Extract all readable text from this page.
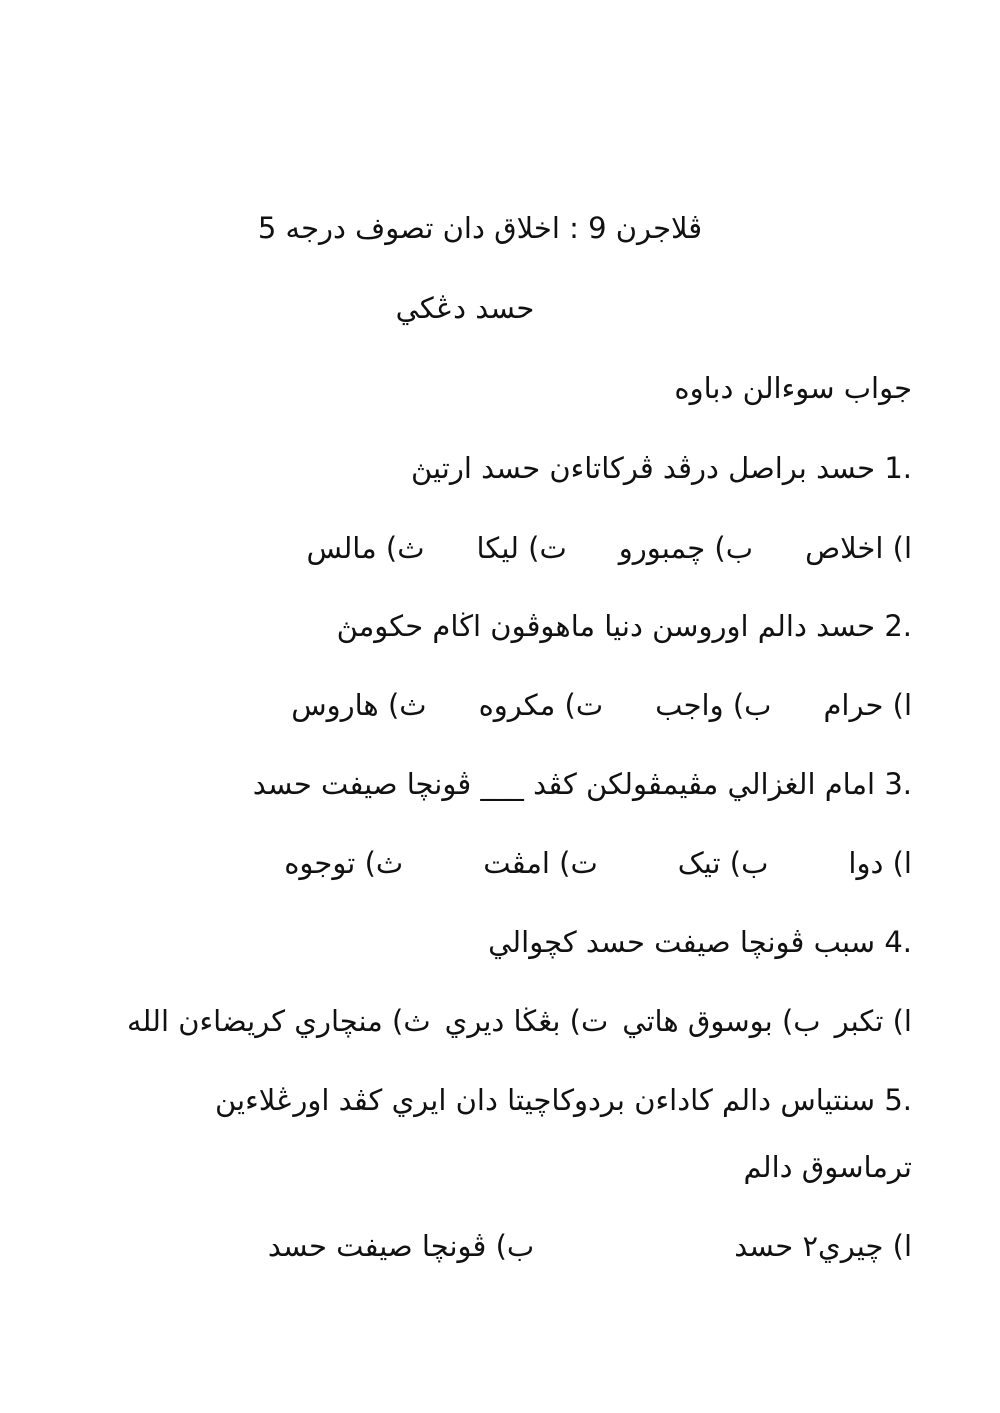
ڤلاجرن 9 : اخلاق دان تصوف درجه 5
حسد دڠکي
جواب سوءالن دباوه
.1 حسد براصل درڤد ڤرکاتاءن حسد ارتيڽ
ا) اخلاصب) چمبوروت) ليکاث) مالس
.2 حسد دالم اوروسن دنيا ماهوڤون اڬام حکومڽ
ا) حرامب) واجبت) مکروهث) هاروس
.3 امام الغزالي مڤيمڤولکن کڤد ___ ڤونچا صيفت حسد
ا) دواب) تيکت) امڤتث) توجوه
.4 سبب ڤونچا صيفت حسد کچوالي
ا) تکبرب) بوسوق هاتيت) بڠڬا ديريث) منچاري کريضاءن الله
.5 سنتياس دالم کاداءن بردوکاچيتا دان ايري کڤد اورڠلاءين
ترماسوق دالم
ا) چيري٢ حسدب) ڤونچا صيفت حسد
